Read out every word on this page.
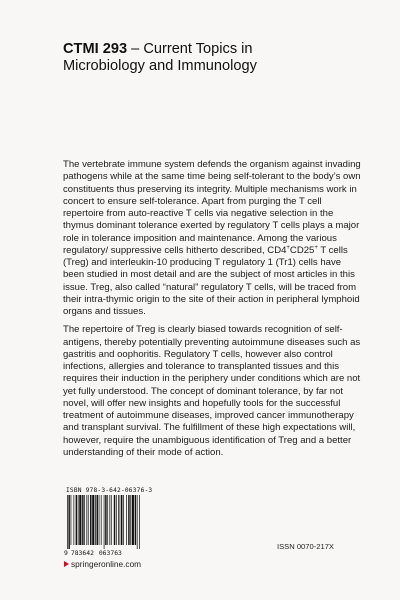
CTMI 293 – Current Topics in
Microbiology and Immunology

The vertebrate immune system defends the organism against invading pathogens while at the same time being self-tolerant to the body’s own constituents thus preserving its integrity. Multiple mechanisms work in concert to ensure self-tolerance. Apart from purging the T cell repertoire from auto-reactive T cells via negative selection in the thymus dominant tolerance exerted by regulatory T cells plays a major role in tolerance imposition and maintenance. Among the various regulatory/ suppressive cells hitherto described, CD4+CD25+ T cells (Treg) and interleukin-10 producing T regulatory 1 (Tr1) cells have been studied in most detail and are the subject of most articles in this issue. Treg, also called “natural” regulatory T cells, will be traced from their intra-thymic origin to the site of their action in peripheral lymphoid organs and tissues.

The repertoire of Treg is clearly biased towards recognition of self-antigens, thereby potentially preventing autoimmune diseases such as gastritis and oophoritis. Regulatory T cells, however also control infections, allergies and tolerance to transplanted tissues and this requires their induction in the periphery under conditions which are not yet fully understood. The concept of dominant tolerance, by far not novel, will offer new insights and hopefully tools for the successful treatment of autoimmune diseases, improved cancer immunotherapy and transplant survival. The fulfillment of these high expectations will, however, require the unambiguous identification of Treg and a better understanding of their mode of action.

ISBN 978-3-642-06376-3
9 783642 063763
ISSN 0070-217X
springeronline.com
